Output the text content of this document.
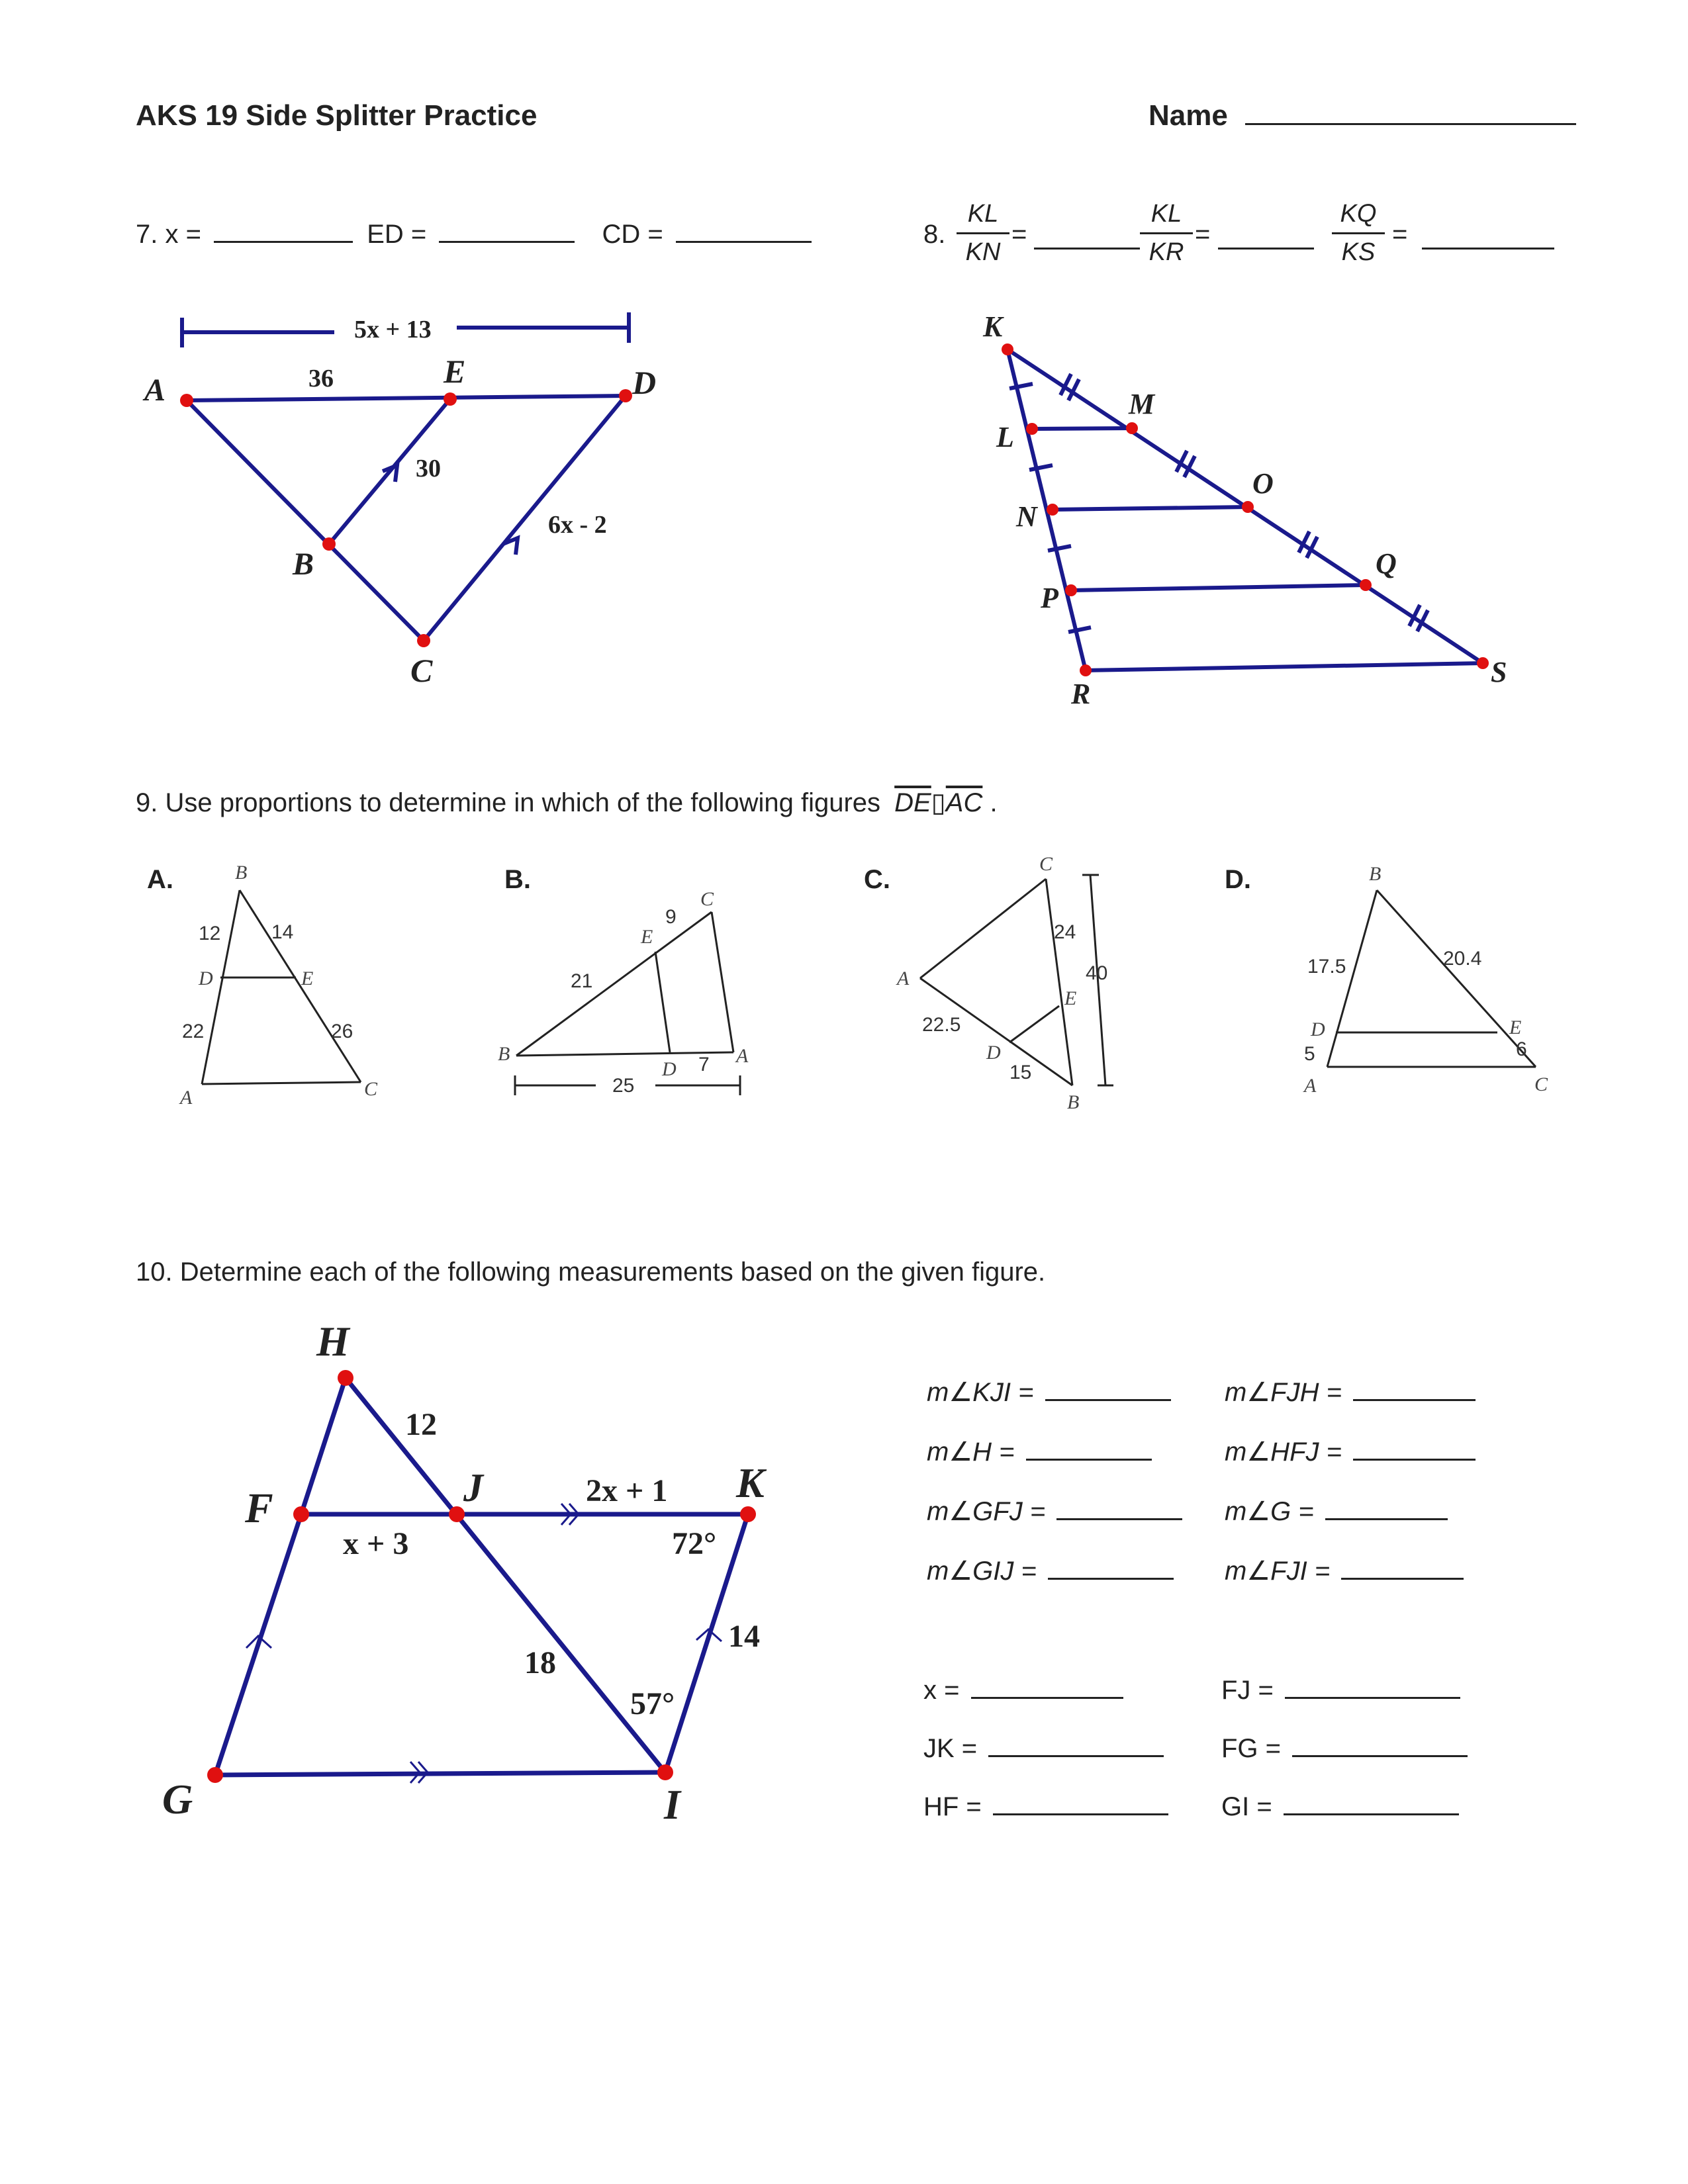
AKS 19 Side Splitter Practice	Name
7. x =	ED =	CD =	8. $\frac{KL}{KN}$ =	$\frac{KL}{KR}$ =	$\frac{KQ}{KS}$ =
5x + 13
A	36	E	D
30
6x - 2
B
C
K
M
L
O
N
Q
P
R
S
9. Use proportions to determine in which of the following figures $\overline{DE}▯\overline{AC}$ .
A.	B.	C.	D.
B
D	E
A	C
C
E
B
D
A
C
A
E
D
B
B
D	E
A	C
12	14
22	26
21
9
7
25
24
40
22.5
15
17.5	20.4
5	6
10. Determine each of the following measurements based on the given figure.
H
F	J	K
G	I
12
2x + 1
x + 3	72°
14
18
57°
m∠KJI =	m∠FJH =
m∠H =	m∠HFJ =
m∠GFJ =	m∠G =
m∠GIJ =	m∠FJI =
x =	FJ =
JK =	FG =
HF =	GI =
